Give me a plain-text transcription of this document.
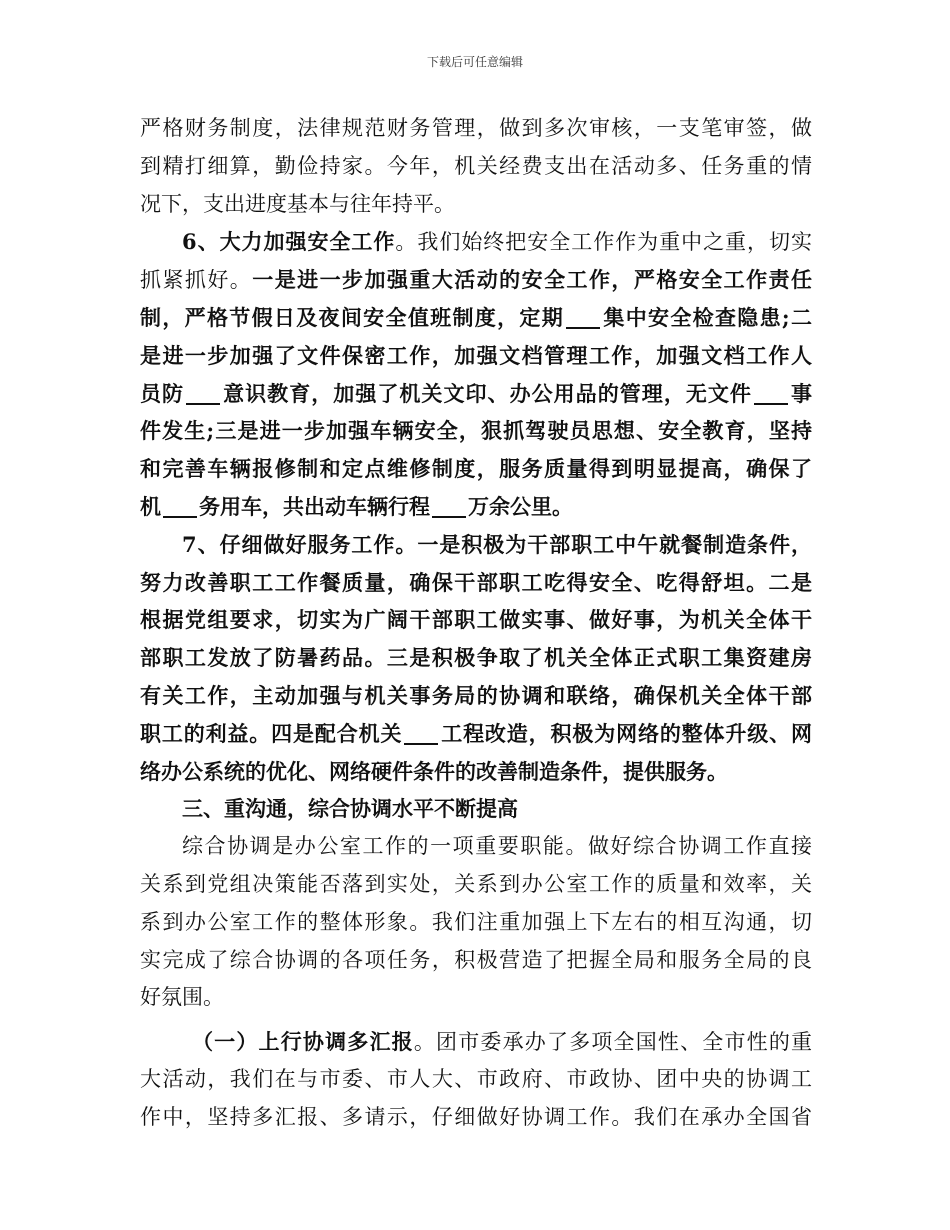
下载后可任意编辑
严格财务制度，法律规范财务管理，做到多次审核，一支笔审签，做
到精打细算，勤俭持家。今年，机关经费支出在活动多、任务重的情
况下，支出进度基本与往年持平。
6、大力加强安全工作。我们始终把安全工作作为重中之重，切实
抓紧抓好。一是进一步加强重大活动的安全工作，严格安全工作责任
制，严格节假日及夜间安全值班制度，定期 集中安全检查隐患;二
是进一步加强了文件保密工作，加强文档管理工作，加强文档工作人
员防 意识教育，加强了机关文印、办公用品的管理，无文件 事
件发生;三是进一步加强车辆安全，狠抓驾驶员思想、安全教育，坚持
和完善车辆报修制和定点维修制度，服务质量得到明显提高，确保了
机 务用车，共出动车辆行程 万余公里。
7、仔细做好服务工作。一是积极为干部职工中午就餐制造条件，
努力改善职工工作餐质量，确保干部职工吃得安全、吃得舒坦。二是
根据党组要求，切实为广阔干部职工做实事、做好事，为机关全体干
部职工发放了防暑药品。三是积极争取了机关全体正式职工集资建房
有关工作，主动加强与机关事务局的协调和联络，确保机关全体干部
职工的利益。四是配合机关 工程改造，积极为网络的整体升级、网
络办公系统的优化、网络硬件条件的改善制造条件，提供服务。
三、重沟通，综合协调水平不断提高
综合协调是办公室工作的一项重要职能。做好综合协调工作直接
关系到党组决策能否落到实处，关系到办公室工作的质量和效率，关
系到办公室工作的整体形象。我们注重加强上下左右的相互沟通，切
实完成了综合协调的各项任务，积极营造了把握全局和服务全局的良
好氛围。
（一）上行协调多汇报。团市委承办了多项全国性、全市性的重
大活动，我们在与市委、市人大、市政府、市政协、团中央的协调工
作中，坚持多汇报、多请示，仔细做好协调工作。我们在承办全国省
